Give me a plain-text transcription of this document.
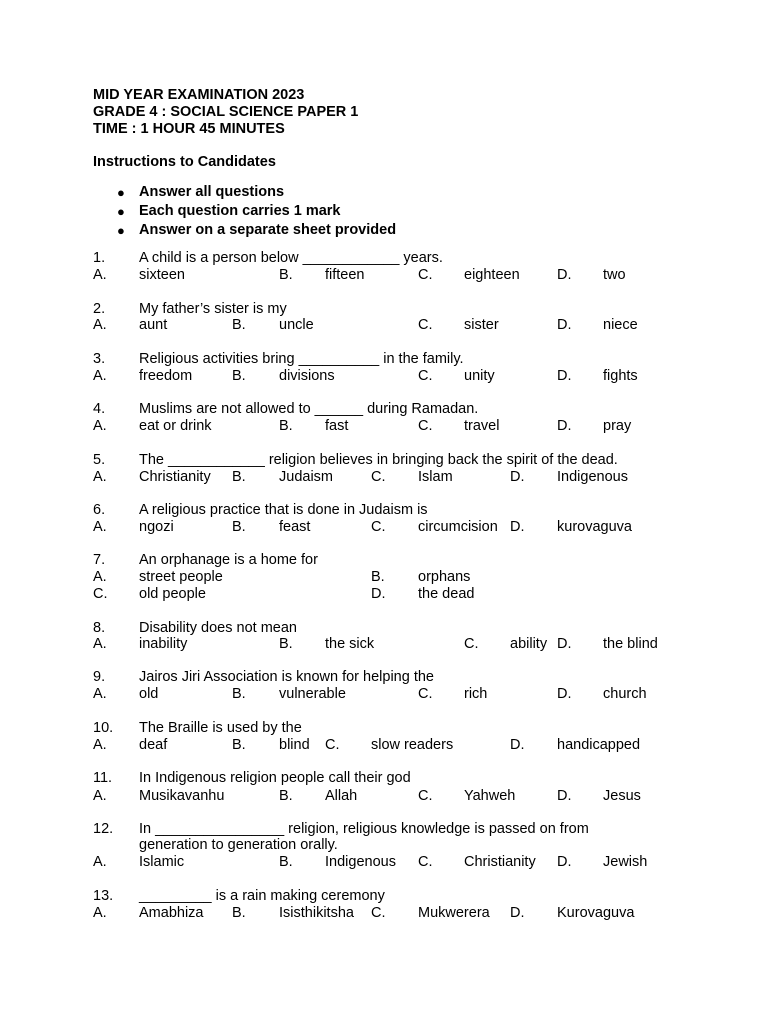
MID YEAR EXAMINATION 2023
GRADE 4 : SOCIAL SCIENCE PAPER 1
TIME : 1 HOUR 45 MINUTES
Instructions to Candidates
● Answer all questions
● Each question carries 1 mark
● Answer on a separate sheet provided
1. A child is a person below ____________ years.
A. sixteen	B. fifteen	C. eighteen	D. two
2. My father’s sister is my
A. aunt	B. uncle	C. sister	D. niece
3. Religious activities bring __________ in the family.
A. freedom	B. divisions	C. unity	D. fights
4. Muslims are not allowed to ______ during Ramadan.
A. eat or drink	B. fast	C. travel	D. pray
5. The ____________ religion believes in bringing back the spirit of the dead.
A. Christianity B. Judaism	C. Islam	D. Indigenous
6. A religious practice that is done in Judaism is
A. ngozi	B. feast	C. circumcision D. kurovaguva
7. An orphanage is a home for
A. street people	B. orphans
C. old people	D. the dead
8. Disability does not mean
A. inability	B. the sick	C. ability D. the blind
9. Jairos Jiri Association is known for helping the
A. old	B. vulnerable	C. rich	D. church
10. The Braille is used by the
A. deaf	B. blind C. slow readers	D. handicapped
11. In Indigenous religion people call their god
A. Musikavanhu	B. Allah	C. Yahweh	D. Jesus
12. In ________________ religion, religious knowledge is passed on from
generation to generation orally.
A. Islamic	B. Indigenous C. Christianity D. Jewish
13. _________ is a rain making ceremony
A. Amabhiza B. Isisthikitsha C. Mukwerera D. Kurovaguva
